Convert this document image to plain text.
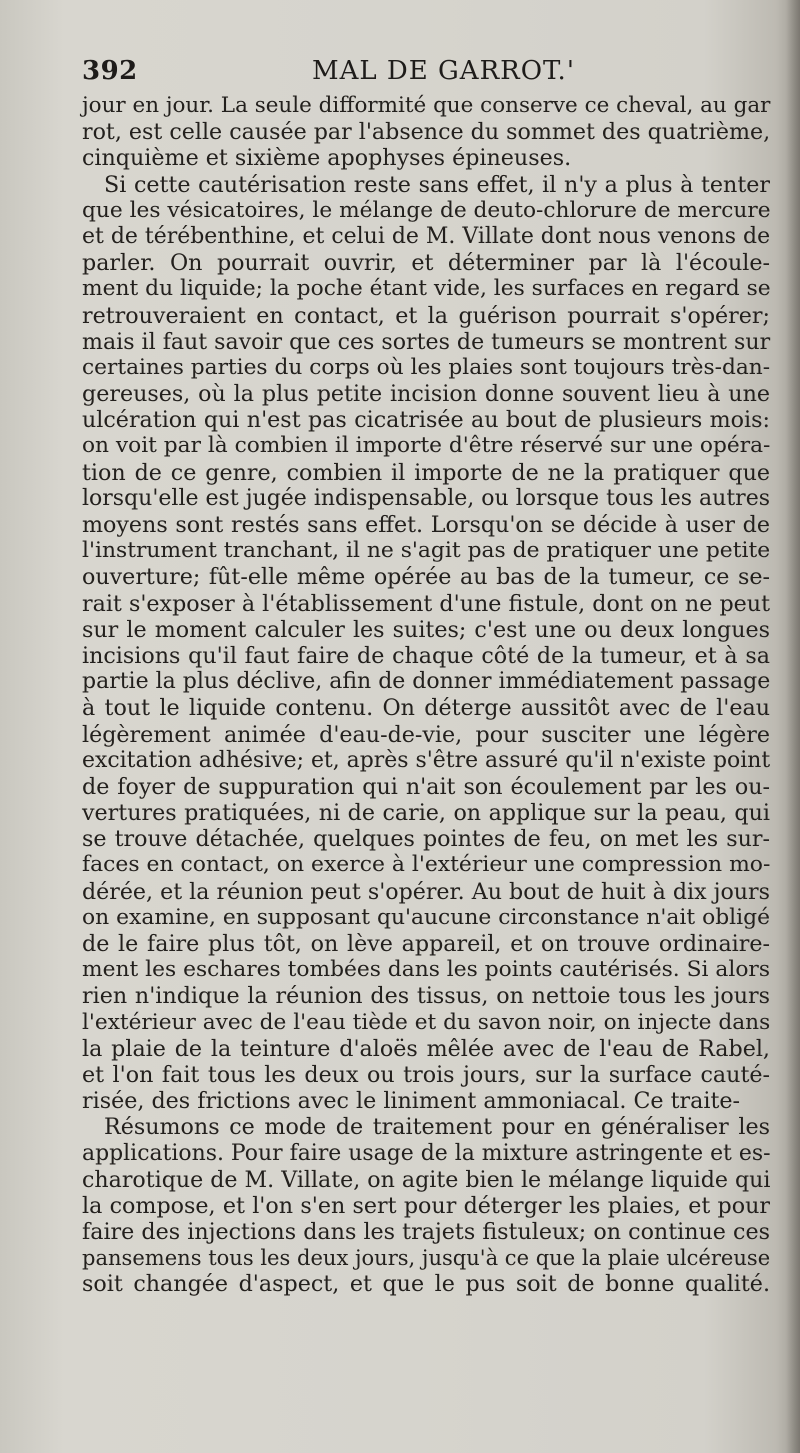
392	MAL DE GARROT.'
jour en jour. La seule difformité que conserve ce cheval, au gar
rot, est celle causée par l'absence du sommet des quatrième,
cinquième et sixième apophyses épineuses.
Si cette cautérisation reste sans effet, il n'y a plus à tenter
que les vésicatoires, le mélange de deuto-chlorure de mercure
et de térébenthine, et celui de M. Villate dont nous venons de
parler. On pourrait ouvrir, et déterminer par là l'écoule-
ment du liquide; la poche étant vide, les surfaces en regard se
retrouveraient en contact, et la guérison pourrait s'opérer;
mais il faut savoir que ces sortes de tumeurs se montrent sur
certaines parties du corps où les plaies sont toujours très-dan-
gereuses, où la plus petite incision donne souvent lieu à une
ulcération qui n'est pas cicatrisée au bout de plusieurs mois:
on voit par là combien il importe d'être réservé sur une opéra-
tion de ce genre, combien il importe de ne la pratiquer que
lorsqu'elle est jugée indispensable, ou lorsque tous les autres
moyens sont restés sans effet. Lorsqu'on se décide à user de
l'instrument tranchant, il ne s'agit pas de pratiquer une petite
ouverture; fût-elle même opérée au bas de la tumeur, ce se-
rait s'exposer à l'établissement d'une fistule, dont on ne peut
sur le moment calculer les suites; c'est une ou deux longues
incisions qu'il faut faire de chaque côté de la tumeur, et à sa
partie la plus déclive, afin de donner immédiatement passage
à tout le liquide contenu. On déterge aussitôt avec de l'eau
légèrement animée d'eau-de-vie, pour susciter une légère
excitation adhésive; et, après s'être assuré qu'il n'existe point
de foyer de suppuration qui n'ait son écoulement par les ou-
vertures pratiquées, ni de carie, on applique sur la peau, qui
se trouve détachée, quelques pointes de feu, on met les sur-
faces en contact, on exerce à l'extérieur une compression mo-
dérée, et la réunion peut s'opérer. Au bout de huit à dix jours
on examine, en supposant qu'aucune circonstance n'ait obligé
de le faire plus tôt, on lève appareil, et on trouve ordinaire-
ment les eschares tombées dans les points cautérisés. Si alors
rien n'indique la réunion des tissus, on nettoie tous les jours
l'extérieur avec de l'eau tiède et du savon noir, on injecte dans
la plaie de la teinture d'aloës mêlée avec de l'eau de Rabel,
et l'on fait tous les deux ou trois jours, sur la surface cauté-
risée, des frictions avec le liniment ammoniacal. Ce traite-
Résumons ce mode de traitement pour en généraliser les
applications. Pour faire usage de la mixture astringente et es-
charotique de M. Villate, on agite bien le mélange liquide qui
la compose, et l'on s'en sert pour déterger les plaies, et pour
faire des injections dans les trajets fistuleux; on continue ces
pansemens tous les deux jours, jusqu'à ce que la plaie ulcéreuse
soit changée d'aspect, et que le pus soit de bonne qualité.
